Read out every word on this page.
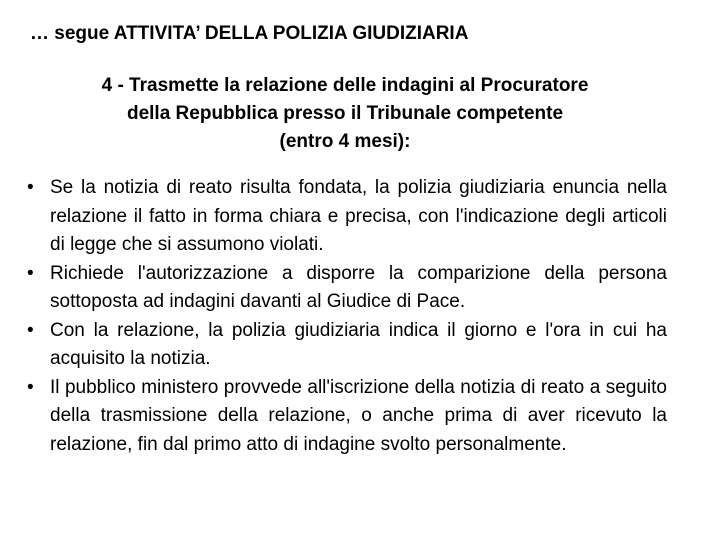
… segue ATTIVITA’ DELLA POLIZIA GIUDIZIARIA
4 - Trasmette la relazione delle indagini al Procuratore
della Repubblica presso il Tribunale competente
(entro 4 mesi):
• Se la notizia di reato risulta fondata, la polizia giudiziaria enuncia nella relazione il fatto in forma chiara e precisa, con l'indicazione degli articoli di legge che si assumono violati.
• Richiede l'autorizzazione a disporre la comparizione della persona sottoposta ad indagini davanti al Giudice di Pace.
• Con la relazione, la polizia giudiziaria indica il giorno e l'ora in cui ha acquisito la notizia.
• Il pubblico ministero provvede all'iscrizione della notizia di reato a seguito della trasmissione della relazione, o anche prima di aver ricevuto la relazione, fin dal primo atto di indagine svolto personalmente.
